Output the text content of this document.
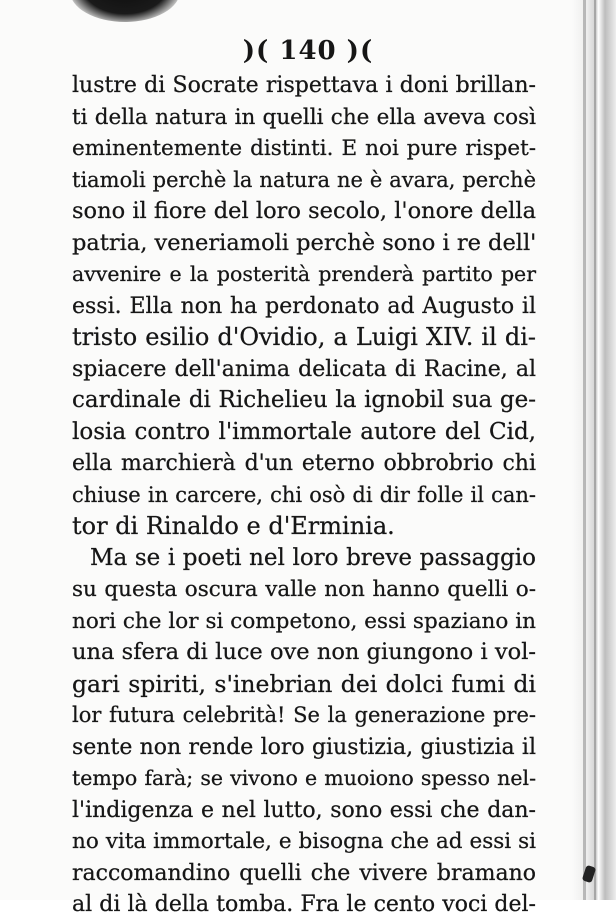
)( 140 )(
lustre di Socrate rispettava i doni brillan-
ti della natura in quelli che ella aveva così
eminentemente distinti. E noi pure rispet-
tiamoli perchè la natura ne è avara, perchè
sono il fiore del loro secolo, l'onore della
patria, veneriamoli perchè sono i re dell'
avvenire e la posterità prenderà partito per
essi. Ella non ha perdonato ad Augusto il
tristo esilio d'Ovidio, a Luigi XIV. il di-
spiacere dell'anima delicata di Racine, al
cardinale di Richelieu la ignobil sua ge-
losia contro l'immortale autore del Cid,
ella marchierà d'un eterno obbrobrio chi
chiuse in carcere, chi osò di dir folle il can-
tor di Rinaldo e d'Erminia.
Ma se i poeti nel loro breve passaggio
su questa oscura valle non hanno quelli o-
nori che lor si competono, essi spaziano in
una sfera di luce ove non giungono i vol-
gari spiriti, s'inebrian dei dolci fumi di
lor futura celebrità! Se la generazione pre-
sente non rende loro giustizia, giustizia il
tempo farà; se vivono e muoiono spesso nel-
l'indigenza e nel lutto, sono essi che dan-
no vita immortale, e bisogna che ad essi si
raccomandino quelli che vivere bramano
al di là della tomba. Fra le cento voci del-
